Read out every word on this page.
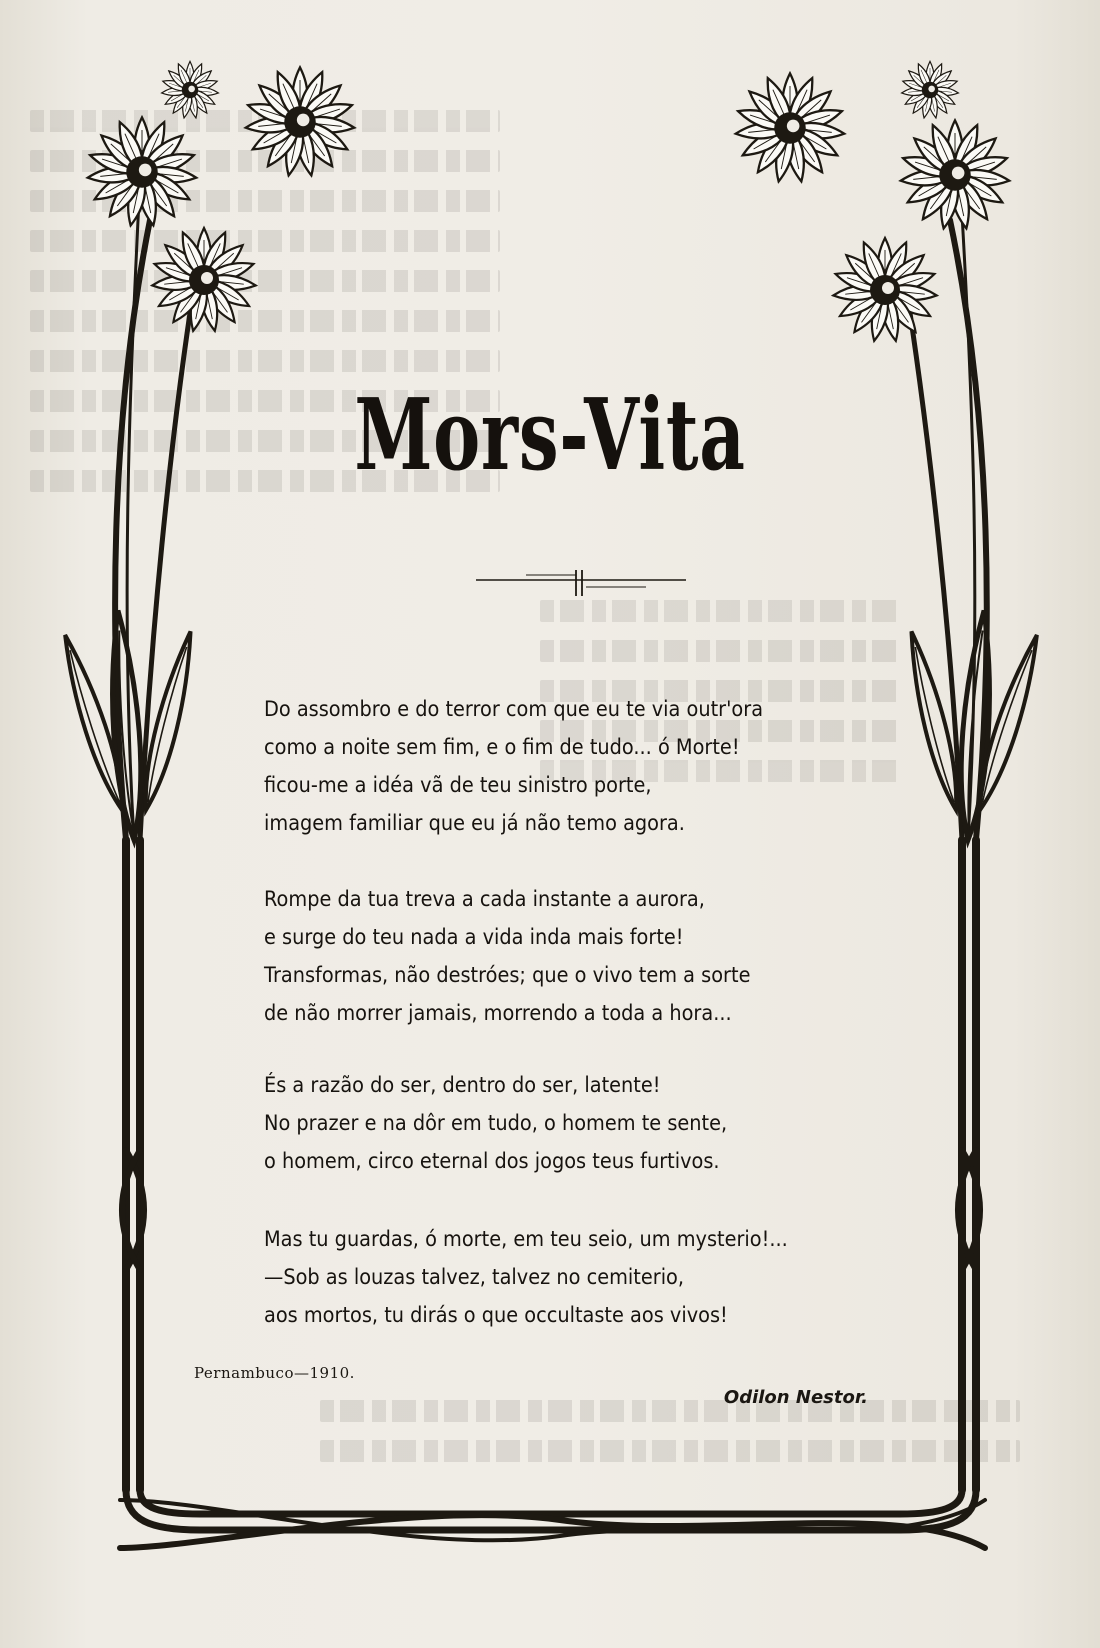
Mors-Vita
Do assombro e do terror com que eu te via outr'ora
como a noite sem fim, e o fim de tudo... ó Morte!
ficou-me a idéa vã de teu sinistro porte,
imagem familiar que eu já não temo agora.
Rompe da tua treva a cada instante a aurora,
e surge do teu nada a vida inda mais forte!
Transformas, não destróes; que o vivo tem a sorte
de não morrer jamais, morrendo a toda a hora...
És a razão do ser, dentro do ser, latente!
No prazer e na dôr em tudo, o homem te sente,
o homem, circo eternal dos jogos teus furtivos.
Mas tu guardas, ó morte, em teu seio, um mysterio!...
—Sob as louzas talvez, talvez no cemiterio,
aos mortos, tu dirás o que occultaste aos vivos!
Pernambuco—1910.
Odilon Nestor.
